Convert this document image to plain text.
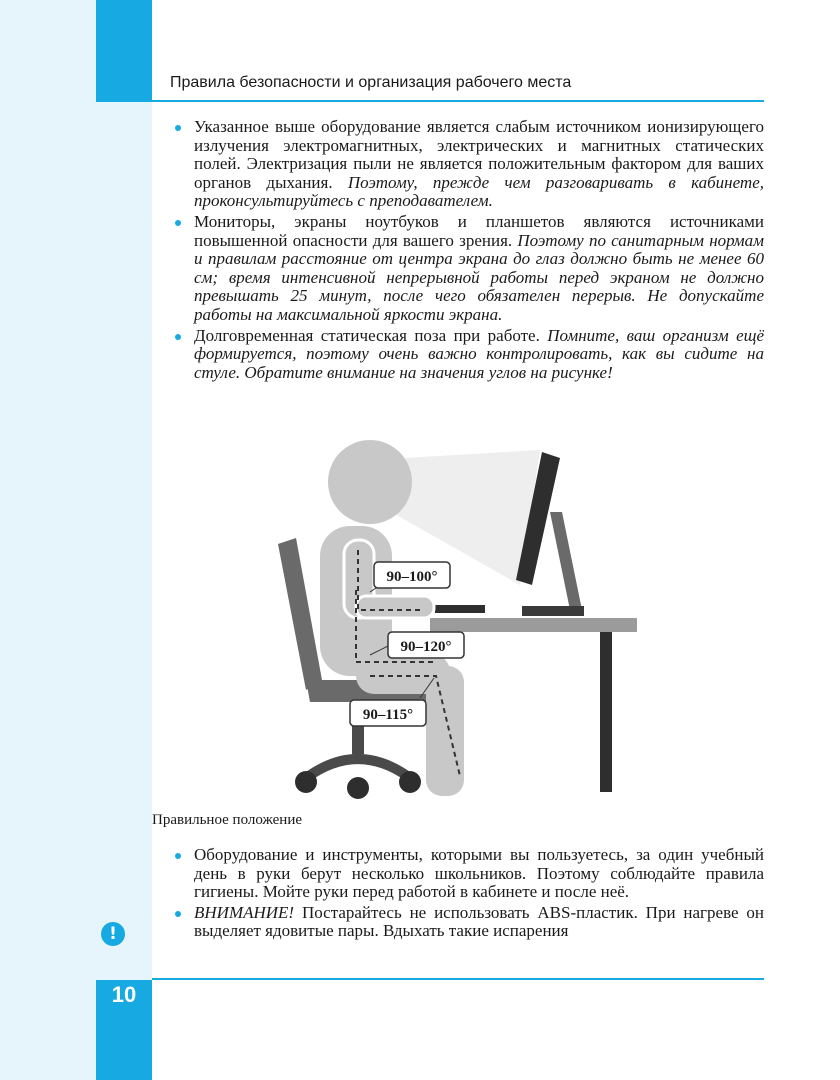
Правила безопасности и организация рабочего места
Указанное выше оборудование является слабым источником ионизирующего излучения электромагнитных, электрических и магнитных статических полей. Электризация пыли не является положительным фактором для ваших органов дыхания. Поэтому, прежде чем разговаривать в кабинете, проконсультируйтесь с преподавателем.
Мониторы, экраны ноутбуков и планшетов являются источниками повышенной опасности для вашего зрения. Поэтому по санитарным нормам и правилам расстояние от центра экрана до глаз должно быть не менее 60 см; время интенсивной непрерывной работы перед экраном не должно превышать 25 минут, после чего обязателен перерыв. Не допускайте работы на максимальной яркости экрана.
Долговременная статическая поза при работе. Помните, ваш организм ещё формируется, поэтому очень важно контролировать, как вы сидите на стуле. Обратите внимание на значения углов на рисунке!
90–100°
90–120°
90–115°
Правильное положение
!
Оборудование и инструменты, которыми вы пользуетесь, за один учебный день в руки берут несколько школьников. Поэтому соблюдайте правила гигиены. Мойте руки перед работой в кабинете и после неё.
ВНИМАНИЕ! Постарайтесь не использовать ABS-пластик. При нагреве он выделяет ядовитые пары. Вдыхать такие испарения
10
